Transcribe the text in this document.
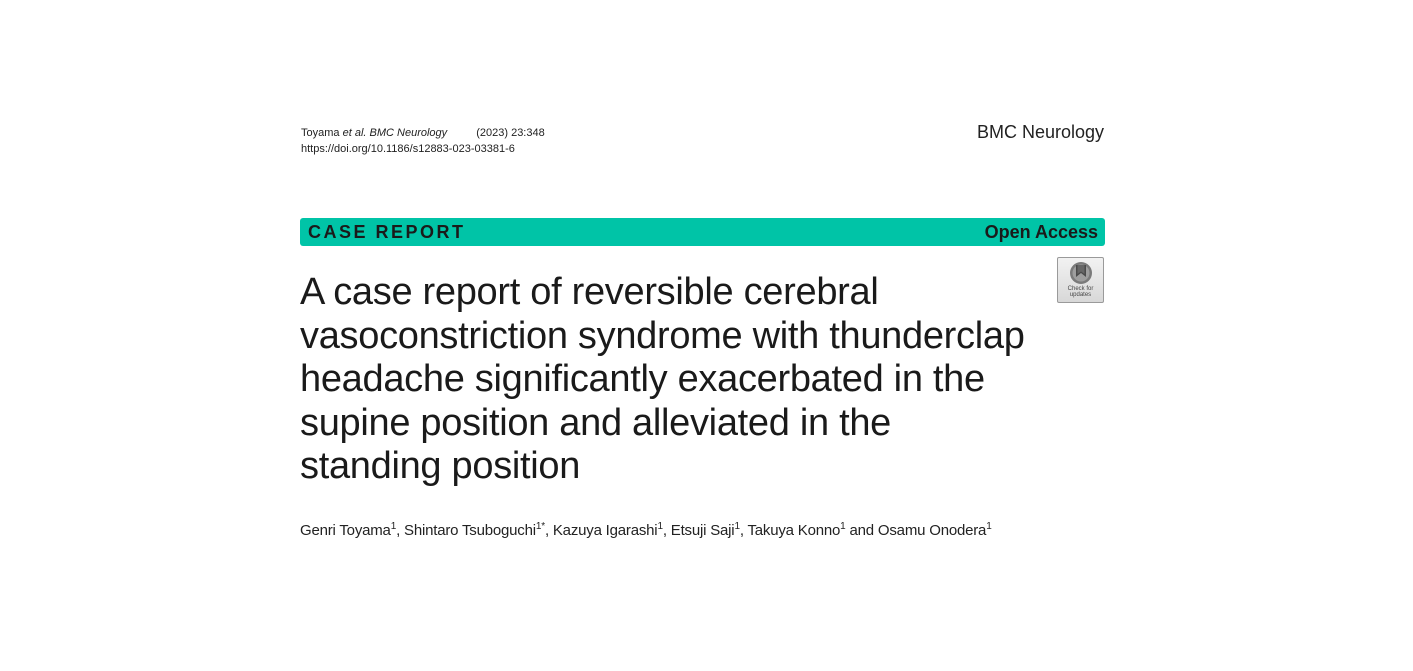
Toyama et al. BMC Neurology	(2023) 23:348
https://doi.org/10.1186/s12883-023-03381-6
BMC Neurology
CASE REPORT	Open Access
Check for
updates
A case report of reversible cerebral vasoconstriction syndrome with thunderclap headache significantly exacerbated in the supine position and alleviated in the standing position
Genri Toyama$^1$, Shintaro Tsuboguchi$^{1*}$, Kazuya Igarashi$^1$, Etsuji Saji$^1$, Takuya Konno$^1$ and Osamu Onodera$^1$
